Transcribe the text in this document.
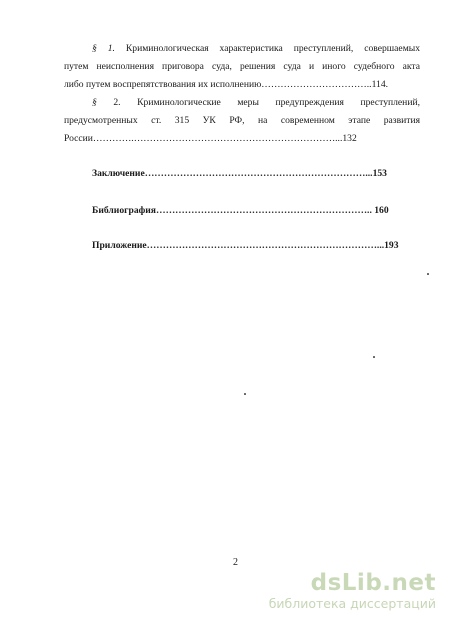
§ 1. Криминологическая характеристика преступлений, совершаемых
путем неисполнения приговора суда, решения суда и иного судебного акта
либо путем воспрепятствования их исполнению……………………………..114.
§ 2. Криминологические меры предупреждения преступлений,
предусмотренных ст. 315 УК РФ, на современном этапе развития
России………….………………………………………………………...132
Заключение……………………………………………………………...153
Библиография………………………………………………………….. 160
Приложение………………………………………………………………...193
2
dsLib.net
библиотека диссертаций
